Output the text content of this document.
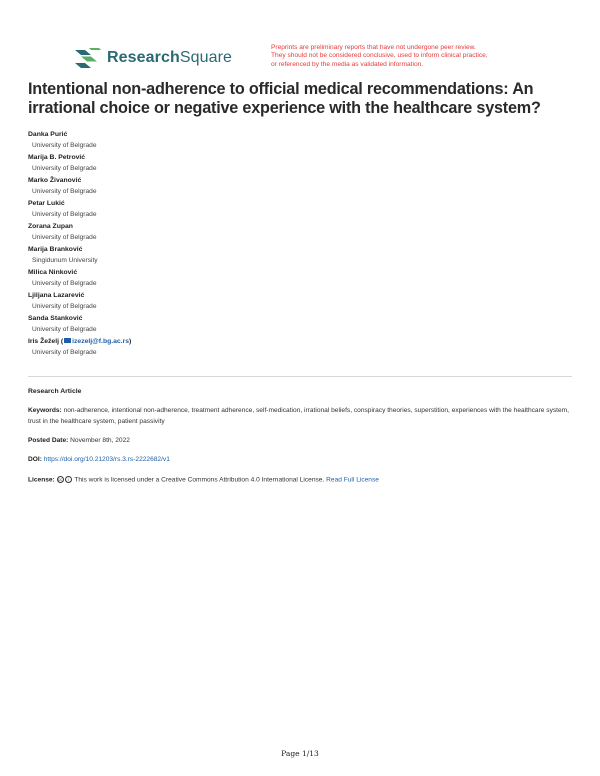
ResearchSquare
Preprints are preliminary reports that have not undergone peer review.
They should not be considered conclusive, used to inform clinical practice,
or referenced by the media as validated information.
Intentional non-adherence to official medical recommendations: An irrational choice or negative experience with the healthcare system?
Danka Purić
University of Belgrade
Marija B. Petrović
University of Belgrade
Marko Živanović
University of Belgrade
Petar Lukić
University of Belgrade
Zorana Zupan
University of Belgrade
Marija Branković
Singidunum University
Milica Ninković
University of Belgrade
Ljiljana Lazarević
University of Belgrade
Sanda Stanković
University of Belgrade
Iris Žeželj ( izezelj@f.bg.ac.rs)
University of Belgrade
Research Article
Keywords: non-adherence, intentional non-adherence, treatment adherence, self-medication, irrational beliefs, conspiracy theories, superstition, experiences with the healthcare system, trust in the healthcare system, patient passivity
Posted Date: November 8th, 2022
DOI: https://doi.org/10.21203/rs.3.rs-2222682/v1
License: cc i This work is licensed under a Creative Commons Attribution 4.0 International License. Read Full License
Page 1/13
